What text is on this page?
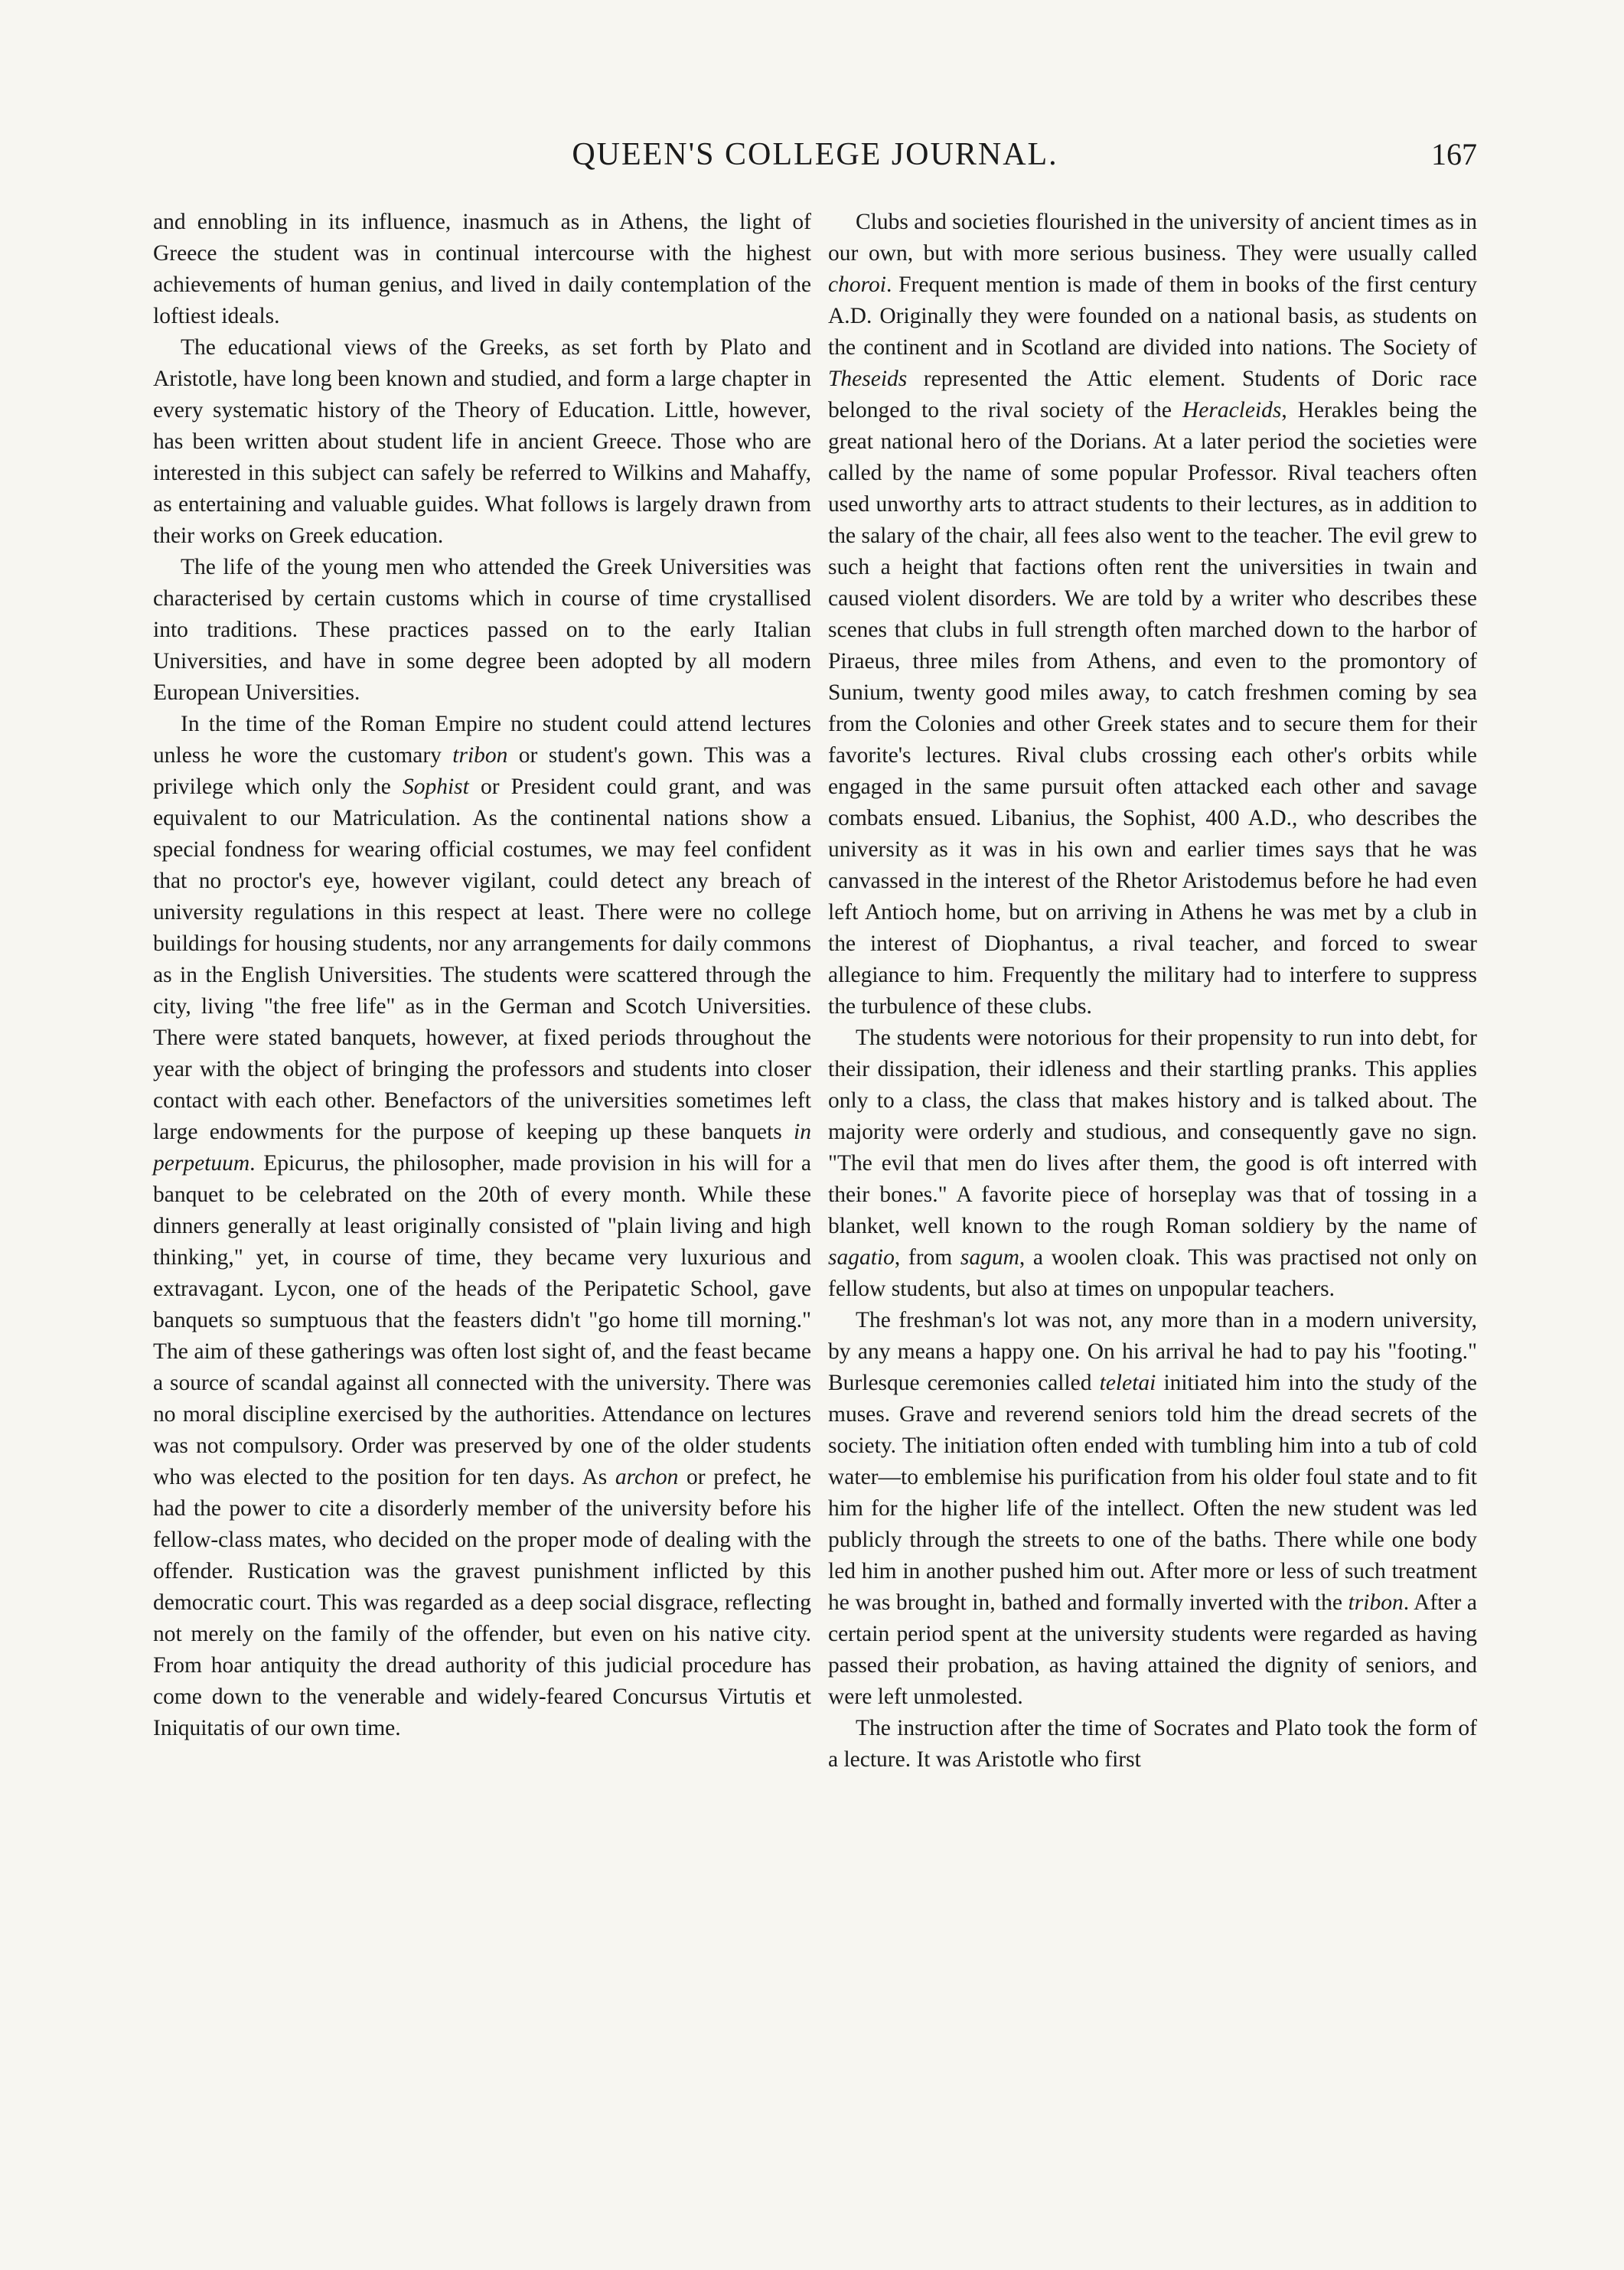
QUEEN'S COLLEGE JOURNAL.	167

and ennobling in its influence, inasmuch as in Athens, the light of Greece the student was in continual intercourse with the highest achievements of human genius, and lived in daily contemplation of the loftiest ideals.

The educational views of the Greeks, as set forth by Plato and Aristotle, have long been known and studied, and form a large chapter in every systematic history of the Theory of Education. Little, however, has been written about student life in ancient Greece. Those who are interested in this subject can safely be referred to Wilkins and Mahaffy, as entertaining and valuable guides. What follows is largely drawn from their works on Greek education.

The life of the young men who attended the Greek Universities was characterised by certain customs which in course of time crystallised into traditions. These practices passed on to the early Italian Universities, and have in some degree been adopted by all modern European Universities.

In the time of the Roman Empire no student could attend lectures unless he wore the customary tribon or student's gown. This was a privilege which only the Sophist or President could grant, and was equivalent to our Matriculation. As the continental nations show a special fondness for wearing official costumes, we may feel confident that no proctor's eye, however vigilant, could detect any breach of university regulations in this respect at least. There were no college buildings for housing students, nor any arrangements for daily commons as in the English Universities. The students were scattered through the city, living "the free life" as in the German and Scotch Universities. There were stated banquets, however, at fixed periods throughout the year with the object of bringing the professors and students into closer contact with each other. Benefactors of the universities sometimes left large endowments for the purpose of keeping up these banquets in perpetuum. Epicurus, the philosopher, made provision in his will for a banquet to be celebrated on the 20th of every month. While these dinners generally at least originally consisted of "plain living and high thinking," yet, in course of time, they became very luxurious and extravagant. Lycon, one of the heads of the Peripatetic School, gave banquets so sumptuous that the feasters didn't "go home till morning." The aim of these gatherings was often lost sight of, and the feast became a source of scandal against all connected with the university. There was no moral discipline exercised by the authorities. Attendance on lectures was not compulsory. Order was preserved by one of the older students who was elected to the position for ten days. As archon or prefect, he had the power to cite a disorderly member of the university before his fellow-class mates, who decided on the proper mode of dealing with the offender. Rustication was the gravest punishment inflicted by this democratic court. This was regarded as a deep social disgrace, reflecting not merely on the family of the offender, but even on his native city. From hoar antiquity the dread authority of this judicial procedure has come down to the venerable and widely-feared Concursus Virtutis et Iniquitatis of our own time.

Clubs and societies flourished in the university of ancient times as in our own, but with more serious business. They were usually called choroi. Frequent mention is made of them in books of the first century A.D. Originally they were founded on a national basis, as students on the continent and in Scotland are divided into nations. The Society of Theseids represented the Attic element. Students of Doric race belonged to the rival society of the Heracleids, Herakles being the great national hero of the Dorians. At a later period the societies were called by the name of some popular Professor. Rival teachers often used unworthy arts to attract students to their lectures, as in addition to the salary of the chair, all fees also went to the teacher. The evil grew to such a height that factions often rent the universities in twain and caused violent disorders. We are told by a writer who describes these scenes that clubs in full strength often marched down to the harbor of Piraeus, three miles from Athens, and even to the promontory of Sunium, twenty good miles away, to catch freshmen coming by sea from the Colonies and other Greek states and to secure them for their favorite's lectures. Rival clubs crossing each other's orbits while engaged in the same pursuit often attacked each other and savage combats ensued. Libanius, the Sophist, 400 A.D., who describes the university as it was in his own and earlier times says that he was canvassed in the interest of the Rhetor Aristodemus before he had even left Antioch home, but on arriving in Athens he was met by a club in the interest of Diophantus, a rival teacher, and forced to swear allegiance to him. Frequently the military had to interfere to suppress the turbulence of these clubs.

The students were notorious for their propensity to run into debt, for their dissipation, their idleness and their startling pranks. This applies only to a class, the class that makes history and is talked about. The majority were orderly and studious, and consequently gave no sign. "The evil that men do lives after them, the good is oft interred with their bones." A favorite piece of horseplay was that of tossing in a blanket, well known to the rough Roman soldiery by the name of sagatio, from sagum, a woolen cloak. This was practised not only on fellow students, but also at times on unpopular teachers.

The freshman's lot was not, any more than in a modern university, by any means a happy one. On his arrival he had to pay his "footing." Burlesque ceremonies called teletai initiated him into the study of the muses. Grave and reverend seniors told him the dread secrets of the society. The initiation often ended with tumbling him into a tub of cold water—to emblemise his purification from his older foul state and to fit him for the higher life of the intellect. Often the new student was led publicly through the streets to one of the baths. There while one body led him in another pushed him out. After more or less of such treatment he was brought in, bathed and formally inverted with the tribon. After a certain period spent at the university students were regarded as having passed their probation, as having attained the dignity of seniors, and were left unmolested.

The instruction after the time of Socrates and Plato took the form of a lecture. It was Aristotle who first
